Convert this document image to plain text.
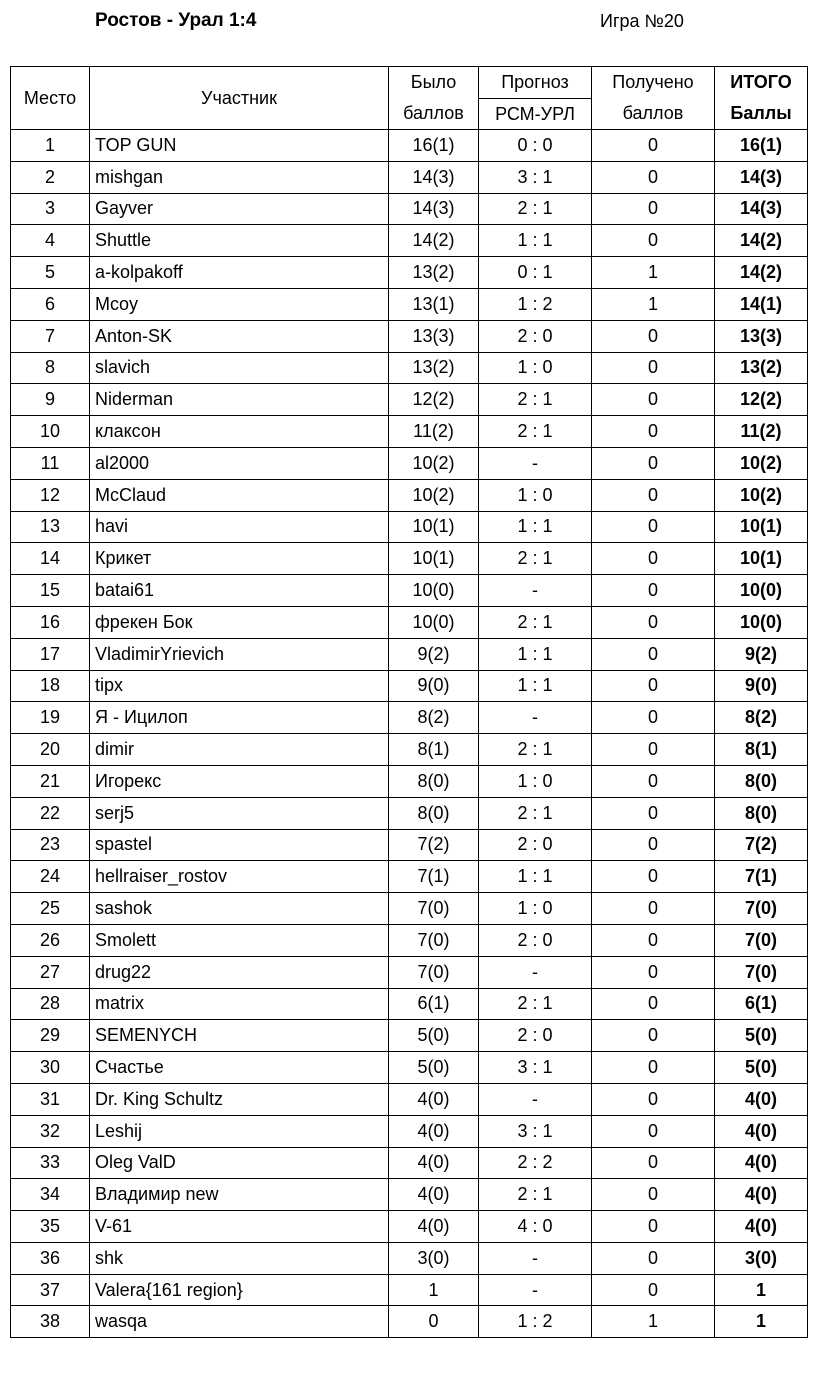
Ростов - Урал 1:4	Игра №20
Место	Участник	Было	Прогноз	Получено	ИТОГО
		баллов	РСМ-УРЛ	баллов	Баллы
1	TOP GUN	16(1)	0 : 0	0	16(1)
2	mishgan	14(3)	3 : 1	0	14(3)
3	Gayver	14(3)	2 : 1	0	14(3)
4	Shuttle	14(2)	1 : 1	0	14(2)
5	a-kolpakoff	13(2)	0 : 1	1	14(2)
6	Mcoy	13(1)	1 : 2	1	14(1)
7	Anton-SK	13(3)	2 : 0	0	13(3)
8	slavich	13(2)	1 : 0	0	13(2)
9	Niderman	12(2)	2 : 1	0	12(2)
10	клаксон	11(2)	2 : 1	0	11(2)
11	al2000	10(2)	-	0	10(2)
12	McClaud	10(2)	1 : 0	0	10(2)
13	havi	10(1)	1 : 1	0	10(1)
14	Крикет	10(1)	2 : 1	0	10(1)
15	batai61	10(0)	-	0	10(0)
16	фрекен Бок	10(0)	2 : 1	0	10(0)
17	VladimirYrievich	9(2)	1 : 1	0	9(2)
18	tipx	9(0)	1 : 1	0	9(0)
19	Я - Ицилоп	8(2)	-	0	8(2)
20	dimir	8(1)	2 : 1	0	8(1)
21	Игорекс	8(0)	1 : 0	0	8(0)
22	serj5	8(0)	2 : 1	0	8(0)
23	spastel	7(2)	2 : 0	0	7(2)
24	hellraiser_rostov	7(1)	1 : 1	0	7(1)
25	sashok	7(0)	1 : 0	0	7(0)
26	Smolett	7(0)	2 : 0	0	7(0)
27	drug22	7(0)	-	0	7(0)
28	matrix	6(1)	2 : 1	0	6(1)
29	SEMENYCH	5(0)	2 : 0	0	5(0)
30	Счастье	5(0)	3 : 1	0	5(0)
31	Dr. King Schultz	4(0)	-	0	4(0)
32	Leshij	4(0)	3 : 1	0	4(0)
33	Oleg ValD	4(0)	2 : 2	0	4(0)
34	Владимир new	4(0)	2 : 1	0	4(0)
35	V-61	4(0)	4 : 0	0	4(0)
36	shk	3(0)	-	0	3(0)
37	Valera{161 region}	1	-	0	1
38	wasqa	0	1 : 2	1	1
